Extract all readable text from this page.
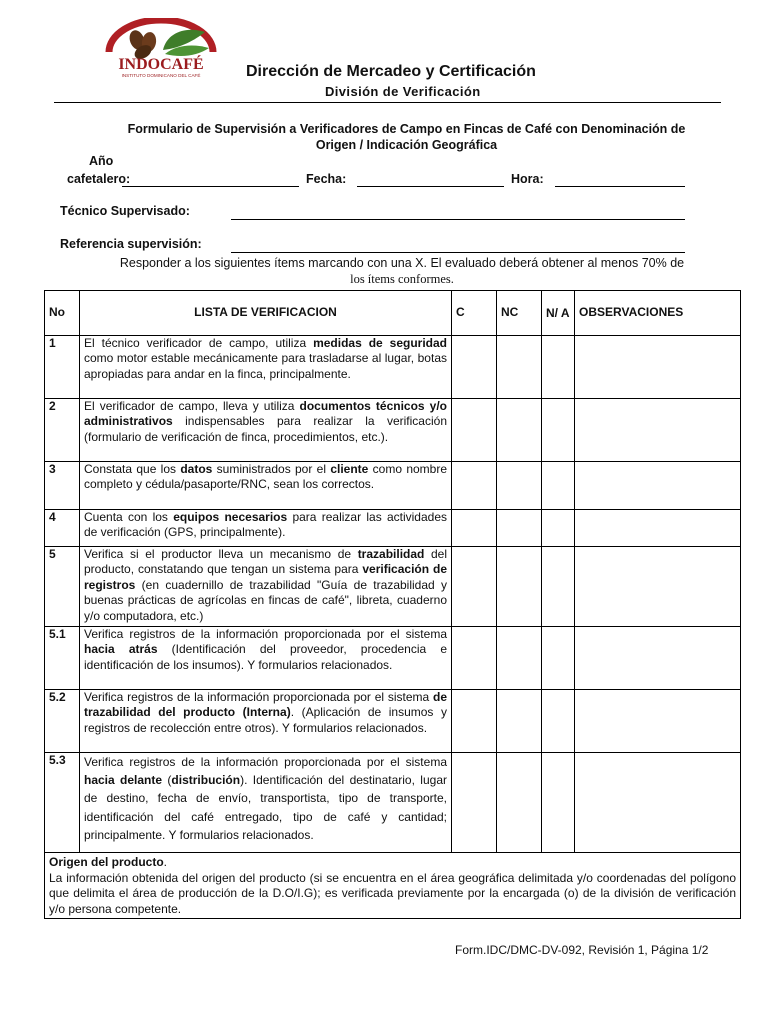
INDOCAFÉ
INSTITUTO DOMINICANO DEL CAFÉ	Dirección de Mercadeo y Certificación
División de Verificación
Formulario de Supervisión a Verificadores de Campo en Fincas de Café con Denominación de
Origen / Indicación Geográfica
Año
cafetalero:	Fecha:	Hora:
Técnico Supervisado:
Referencia supervisión:
Responder a los siguientes ítems marcando con una X. El evaluado deberá obtener al menos 70% de
los ítems conformes.
No	LISTA DE VERIFICACION	C	NC	N/ A	OBSERVACIONES
1	El técnico verificador de campo, utiliza medidas de seguridad como motor estable mecánicamente para trasladarse al lugar, botas apropiadas para andar en la finca, principalmente.				
2	El verificador de campo, lleva y utiliza documentos técnicos y/o administrativos indispensables para realizar la verificación (formulario de verificación de finca, procedimientos, etc.).				
3	Constata que los datos suministrados por el cliente como nombre completo y cédula/pasaporte/RNC, sean los correctos.				
4	Cuenta con los equipos necesarios para realizar las actividades de verificación (GPS, principalmente).				
5	Verifica si el productor lleva un mecanismo de trazabilidad del producto, constatando que tengan un sistema para verificación de registros (en cuadernillo de trazabilidad "Guía de trazabilidad y buenas prácticas de agrícolas en fincas de café", libreta, cuaderno y/o computadora, etc.)				
5.1	Verifica registros de la información proporcionada por el sistema hacia atrás (Identificación del proveedor, procedencia e identificación de los insumos). Y formularios relacionados.				
5.2	Verifica registros de la información proporcionada por el sistema de trazabilidad del producto (Interna). (Aplicación de insumos y registros de recolección entre otros). Y formularios relacionados.				
5.3	Verifica registros de la información proporcionada por el sistema hacia delante (distribución). Identificación del destinatario, lugar de destino, fecha de envío, transportista, tipo de transporte, identificación del café entregado, tipo de café y cantidad; principalmente. Y formularios relacionados.				
Origen del producto.
La información obtenida del origen del producto (si se encuentra en el área geográfica delimitada y/o coordenadas del polígono que delimita el área de producción de la D.O/I.G); es verificada previamente por la encargada (o) de la división de verificación y/o persona competente.					
Form.IDC/DMC-DV-092, Revisión 1, Página 1/2
